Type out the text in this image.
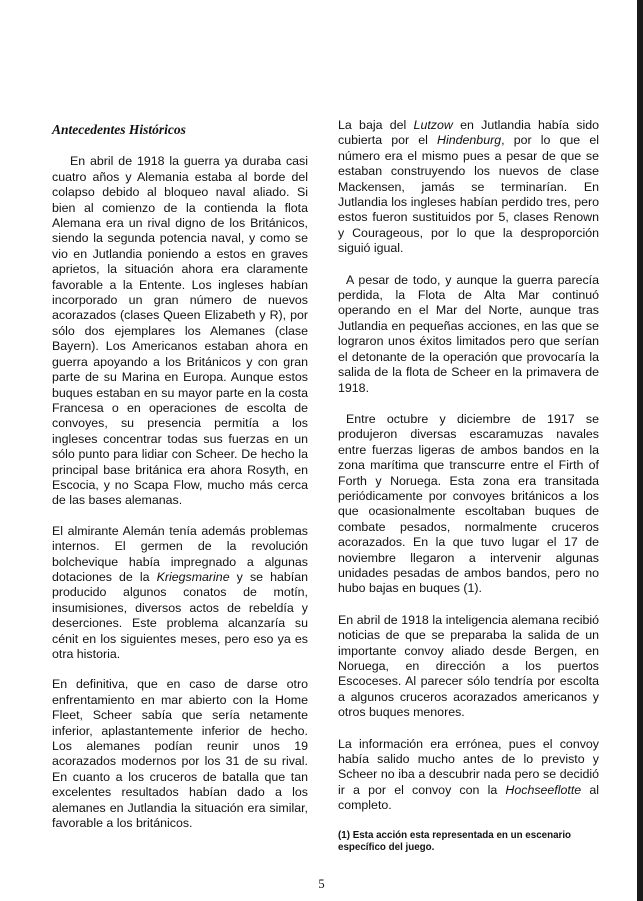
Antecedentes Históricos

En abril de 1918 la guerra ya duraba casi cuatro años y Alemania estaba al borde del colapso debido al bloqueo naval aliado. Si bien al comienzo de la contienda la flota Alemana era un rival digno de los Británicos, siendo la segunda potencia naval, y como se vio en Jutlandia poniendo a estos en graves aprietos, la situación ahora era claramente favorable a la Entente. Los ingleses habían incorporado un gran número de nuevos acorazados (clases Queen Elizabeth y R), por sólo dos ejemplares los Alemanes (clase Bayern). Los Americanos estaban ahora en guerra apoyando a los Británicos y con gran parte de su Marina en Europa. Aunque estos buques estaban en su mayor parte en la costa Francesa o en operaciones de escolta de convoyes, su presencia permitía a los ingleses concentrar todas sus fuerzas en un sólo punto para lidiar con Scheer. De hecho la principal base británica era ahora Rosyth, en Escocia, y no Scapa Flow, mucho más cerca de las bases alemanas.

El almirante Alemán tenía además problemas internos. El germen de la revolución bolchevique había impregnado a algunas dotaciones de la Kriegsmarine y se habían producido algunos conatos de motín, insumisiones, diversos actos de rebeldía y deserciones. Este problema alcanzaría su cénit en los siguientes meses, pero eso ya es otra historia.

En definitiva, que en caso de darse otro enfrentamiento en mar abierto con la Home Fleet, Scheer sabía que sería netamente inferior, aplastantemente inferior de hecho. Los alemanes podían reunir unos 19 acorazados modernos por los 31 de su rival. En cuanto a los cruceros de batalla que tan excelentes resultados habían dado a los alemanes en Jutlandia la situación era similar, favorable a los británicos.

La baja del Lutzow en Jutlandia había sido cubierta por el Hindenburg, por lo que el número era el mismo pues a pesar de que se estaban construyendo los nuevos de clase Mackensen, jamás se terminarían. En Jutlandia los ingleses habían perdido tres, pero estos fueron sustituidos por 5, clases Renown y Courageous, por lo que la desproporción siguió igual.

A pesar de todo, y aunque la guerra parecía perdida, la Flota de Alta Mar continuó operando en el Mar del Norte, aunque tras Jutlandia en pequeñas acciones, en las que se lograron unos éxitos limitados pero que serían el detonante de la operación que provocaría la salida de la flota de Scheer en la primavera de 1918.

Entre octubre y diciembre de 1917 se produjeron diversas escaramuzas navales entre fuerzas ligeras de ambos bandos en la zona marítima que transcurre entre el Firth of Forth y Noruega. Esta zona era transitada periódicamente por convoyes británicos a los que ocasionalmente escoltaban buques de combate pesados, normalmente cruceros acorazados. En la que tuvo lugar el 17 de noviembre llegaron a intervenir algunas unidades pesadas de ambos bandos, pero no hubo bajas en buques (1).

En abril de 1918 la inteligencia alemana recibió noticias de que se preparaba la salida de un importante convoy aliado desde Bergen, en Noruega, en dirección a los puertos Escoceses. Al parecer sólo tendría por escolta a algunos cruceros acorazados americanos y otros buques menores.

La información era errónea, pues el convoy había salido mucho antes de lo previsto y Scheer no iba a descubrir nada pero se decidió ir a por el convoy con la Hochseeflotte al completo.

(1) Esta acción esta representada en un escenario específico del juego.
5
